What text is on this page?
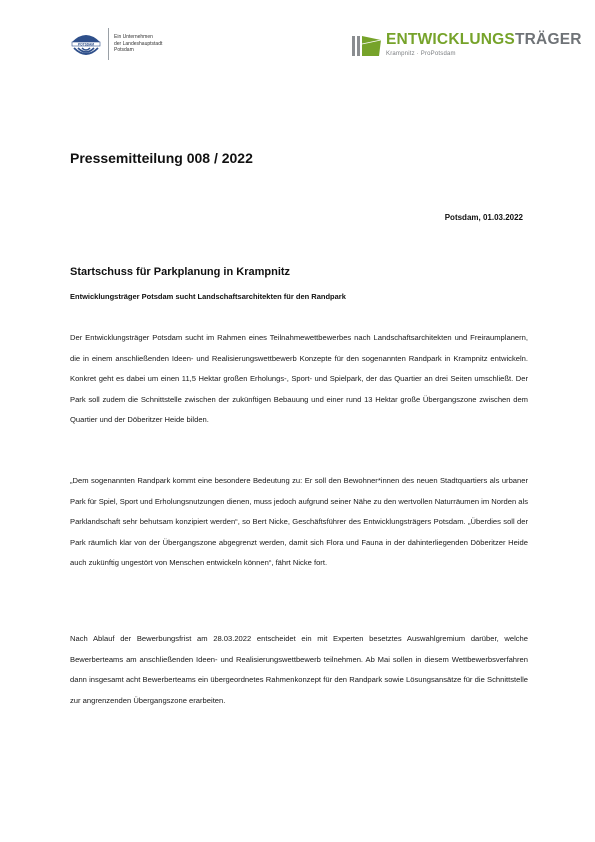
POTSDAM
Ein Unternehmen
der Landeshauptstadt
Potsdam
ENTWICKLUNGSTRÄGER
Krampnitz · ProPotsdam
Pressemitteilung 008 / 2022
Potsdam, 01.03.2022
Startschuss für Parkplanung in Krampnitz
Entwicklungsträger Potsdam sucht Landschaftsarchitekten für den Randpark

Der Entwicklungsträger Potsdam sucht im Rahmen eines Teilnahmewettbewerbes nach Landschaftsarchitekten und Freiraumplanern, die in einem anschließenden Ideen- und Realisierungswettbewerb Konzepte für den sogenannten Randpark in Krampnitz entwickeln. Konkret geht es dabei um einen 11,5 Hektar großen Erholungs-, Sport- und Spielpark, der das Quartier an drei Seiten umschließt. Der Park soll zudem die Schnittstelle zwischen der zukünftigen Bebauung und einer rund 13 Hektar große Übergangszone zwischen dem Quartier und der Döberitzer Heide bilden.

„Dem sogenannten Randpark kommt eine besondere Bedeutung zu: Er soll den Bewohner*innen des neuen Stadtquartiers als urbaner Park für Spiel, Sport und Erholungsnutzungen dienen, muss jedoch aufgrund seiner Nähe zu den wertvollen Naturräumen im Norden als Parklandschaft sehr behutsam konzipiert werden“, so Bert Nicke, Geschäftsführer des Entwicklungsträgers Potsdam. „Überdies soll der Park räumlich klar von der Übergangszone abgegrenzt werden, damit sich Flora und Fauna in der dahinterliegenden Döberitzer Heide auch zukünftig ungestört von Menschen entwickeln können“, fährt Nicke fort.

Nach Ablauf der Bewerbungsfrist am 28.03.2022 entscheidet ein mit Experten besetztes Auswahlgremium darüber, welche Bewerberteams am anschließenden Ideen- und Realisierungswettbewerb teilnehmen. Ab Mai sollen in diesem Wettbewerbsverfahren dann insgesamt acht Bewerberteams ein übergeordnetes Rahmenkonzept für den Randpark sowie Lösungsansätze für die Schnittstelle zur angrenzenden Übergangszone erarbeiten.
